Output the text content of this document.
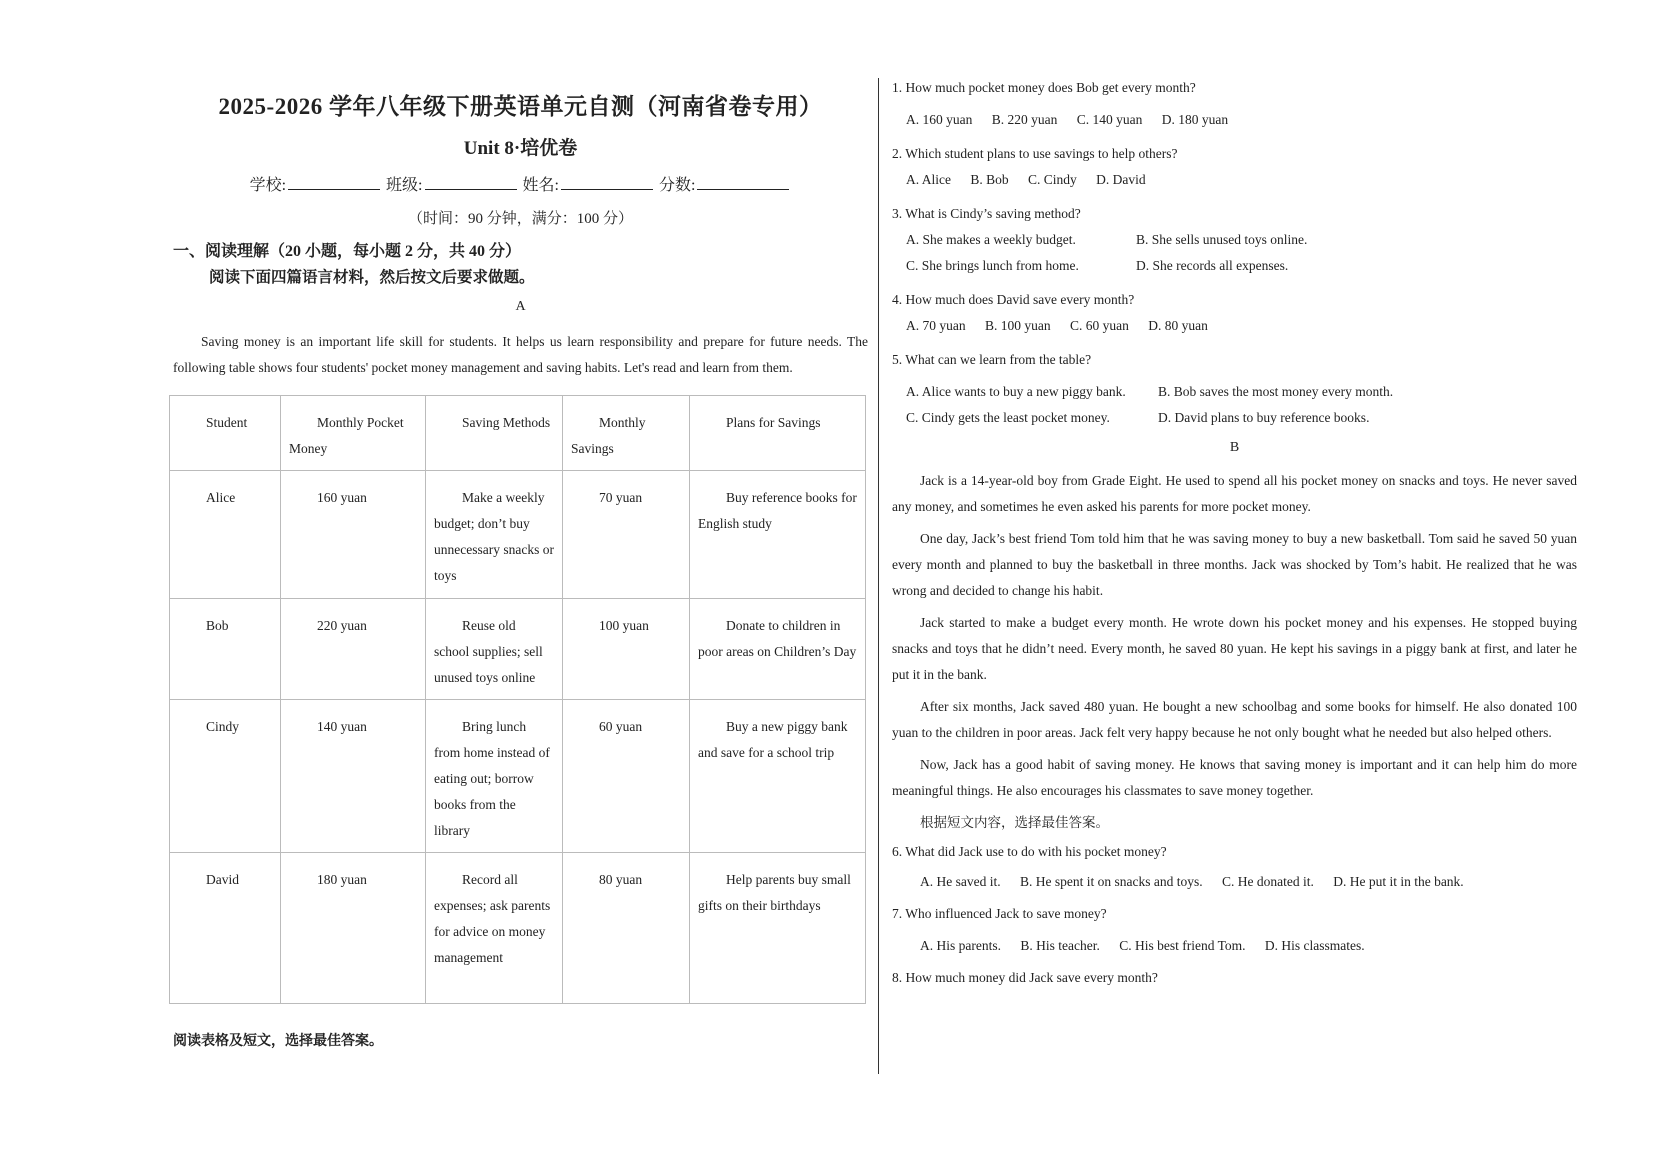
2025-2026 学年八年级下册英语单元自测（河南省卷专用）
Unit 8·培优卷
学校:	班级:	姓名:	分数:
（时间：90 分钟，满分：100 分）
一、阅读理解（20 小题，每小题 2 分，共 40 分）
阅读下面四篇语言材料，然后按文后要求做题。
A

Saving money is an important life skill for students. It helps us learn responsibility and prepare for future needs. The following table shows four students' pocket money management and saving habits. Let's read and learn from them.

Student	Monthly Pocket Money	Saving Methods	Monthly Savings	Plans for Savings
Alice	160 yuan	Make a weekly budget; don’t buy unnecessary snacks or toys	70 yuan	Buy reference books for English study
Bob	220 yuan	Reuse old school supplies; sell unused toys online	100 yuan	Donate to children in poor areas on Children’s Day
Cindy	140 yuan	Bring lunch from home instead of eating out; borrow books from the library	60 yuan	Buy a new piggy bank and save for a school trip
David	180 yuan	Record all expenses; ask parents for advice on money management	80 yuan	Help parents buy small gifts on their birthdays
阅读表格及短文，选择最佳答案。
1. How much pocket money does Bob get every month?
A. 160 yuan B. 220 yuan C. 140 yuan D. 180 yuan
2. Which student plans to use savings to help others?
A. Alice B. Bob C. Cindy D. David
3. What is Cindy’s saving method?
A. She makes a weekly budget.	B. She sells unused toys online.
C. She brings lunch from home.	D. She records all expenses.
4. How much does David save every month?
A. 70 yuan B. 100 yuan C. 60 yuan D. 80 yuan
5. What can we learn from the table?
A. Alice wants to buy a new piggy bank.	B. Bob saves the most money every month.
C. Cindy gets the least pocket money.	D. David plans to buy reference books.
B

Jack is a 14-year-old boy from Grade Eight. He used to spend all his pocket money on snacks and toys. He never saved any money, and sometimes he even asked his parents for more pocket money.

One day, Jack’s best friend Tom told him that he was saving money to buy a new basketball. Tom said he saved 50 yuan every month and planned to buy the basketball in three months. Jack was shocked by Tom’s habit. He realized that he was wrong and decided to change his habit.

Jack started to make a budget every month. He wrote down his pocket money and his expenses. He stopped buying snacks and toys that he didn’t need. Every month, he saved 80 yuan. He kept his savings in a piggy bank at first, and later he put it in the bank.

After six months, Jack saved 480 yuan. He bought a new schoolbag and some books for himself. He also donated 100 yuan to the children in poor areas. Jack felt very happy because he not only bought what he needed but also helped others.

Now, Jack has a good habit of saving money. He knows that saving money is important and it can help him do more meaningful things. He also encourages his classmates to save money together.

根据短文内容，选择最佳答案。

6. What did Jack use to do with his pocket money?
A. He saved it. B. He spent it on snacks and toys. C. He donated it. D. He put it in the bank.
7. Who influenced Jack to save money?
A. His parents. B. His teacher. C. His best friend Tom. D. His classmates.
8. How much money did Jack save every month?
